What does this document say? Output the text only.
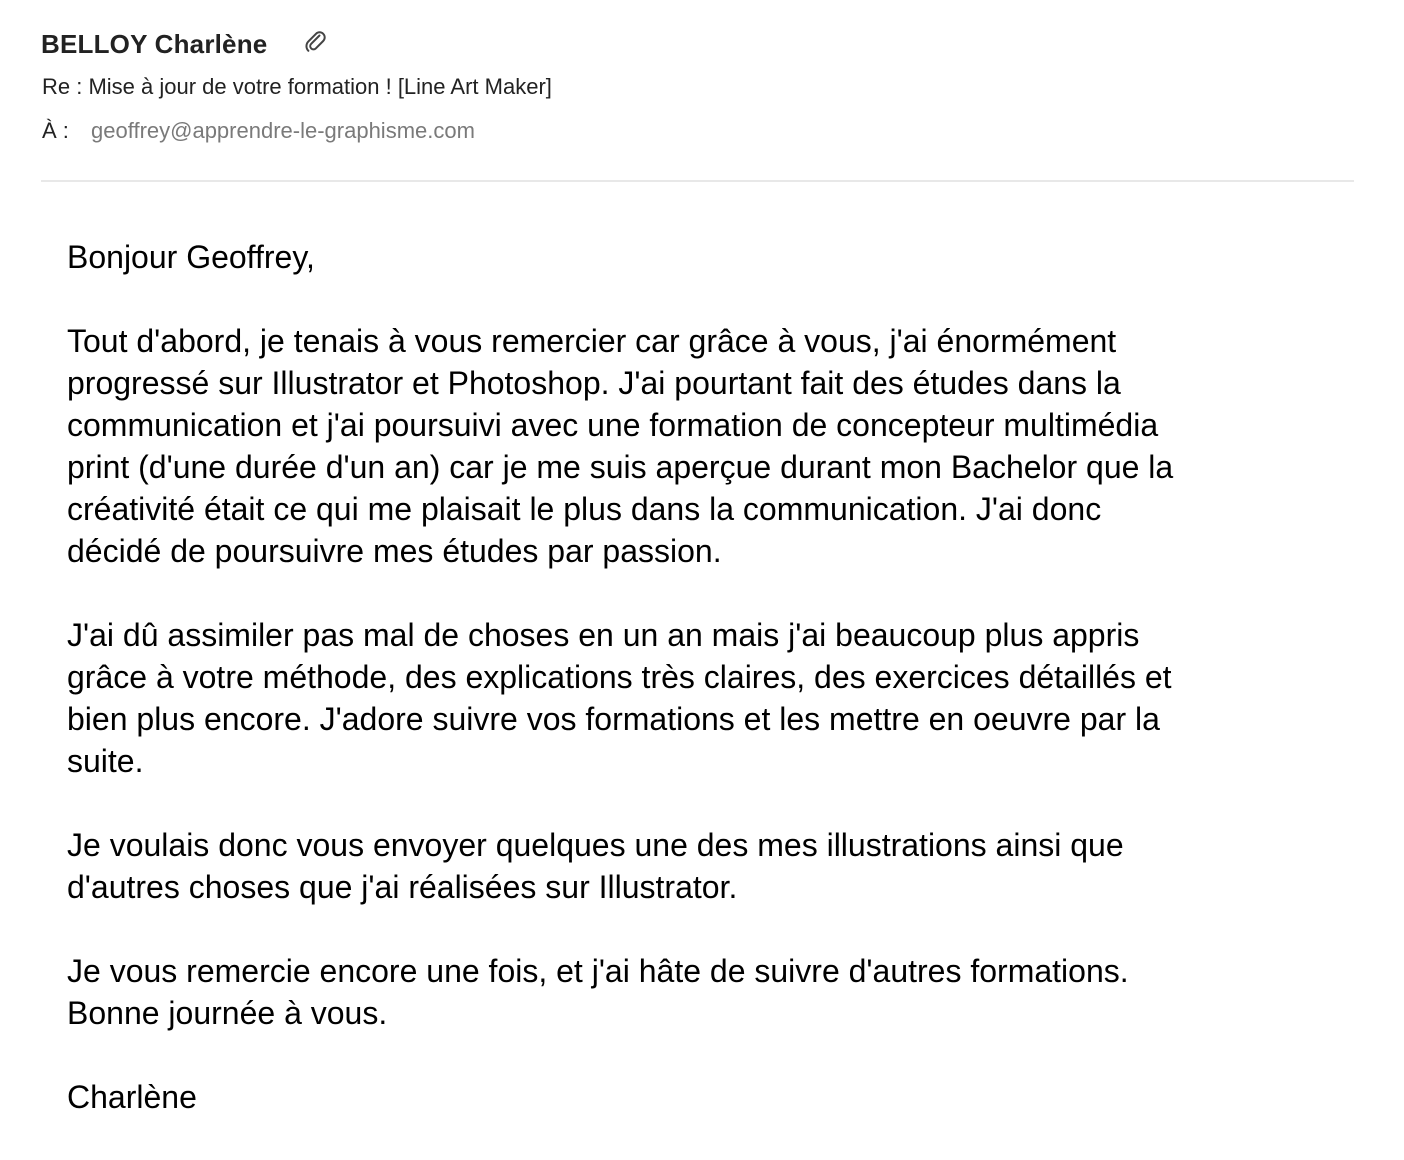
BELLOY Charlène
Re : Mise à jour de votre formation ! [Line Art Maker]
À : geoffrey@apprendre-le-graphisme.com

Bonjour Geoffrey,

Tout d'abord, je tenais à vous remercier car grâce à vous, j'ai énormément
progressé sur Illustrator et Photoshop. J'ai pourtant fait des études dans la
communication et j'ai poursuivi avec une formation de concepteur multimédia
print (d'une durée d'un an) car je me suis aperçue durant mon Bachelor que la
créativité était ce qui me plaisait le plus dans la communication. J'ai donc
décidé de poursuivre mes études par passion.

J'ai dû assimiler pas mal de choses en un an mais j'ai beaucoup plus appris
grâce à votre méthode, des explications très claires, des exercices détaillés et
bien plus encore. J'adore suivre vos formations et les mettre en oeuvre par la
suite.

Je voulais donc vous envoyer quelques une des mes illustrations ainsi que
d'autres choses que j'ai réalisées sur Illustrator.

Je vous remercie encore une fois, et j'ai hâte de suivre d'autres formations.
Bonne journée à vous.

Charlène
